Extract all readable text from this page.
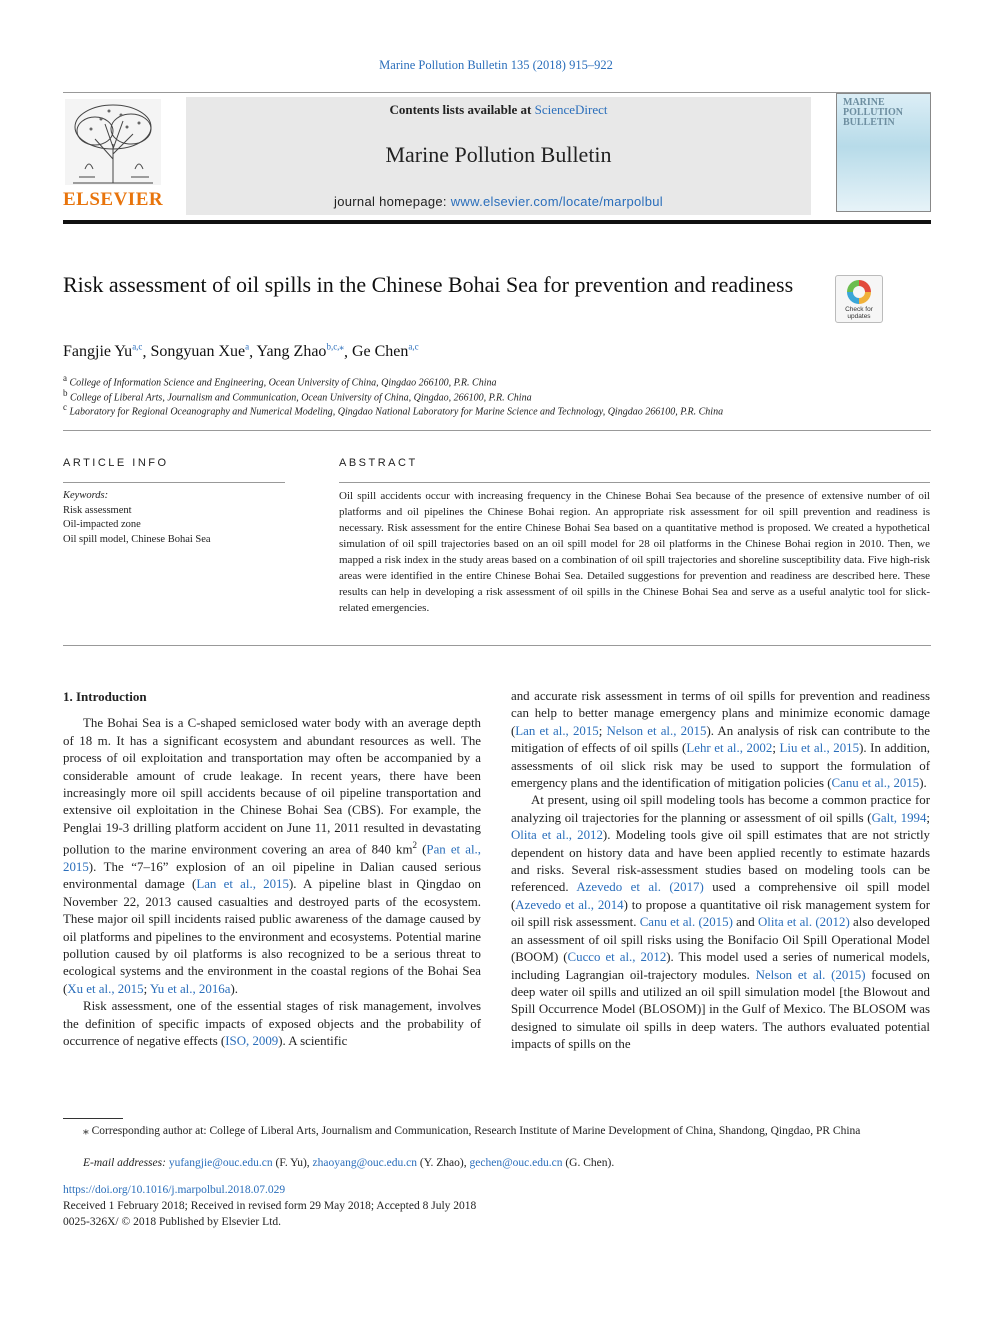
Marine Pollution Bulletin 135 (2018) 915–922
ELSEVIER
Contents lists available at ScienceDirect
Marine Pollution Bulletin
journal homepage: www.elsevier.com/locate/marpolbul
MARINE POLLUTION BULLETIN
Risk assessment of oil spills in the Chinese Bohai Sea for prevention and readiness
Check for updates
Fangjie Yu$^{a,c}$, Songyuan Xue$^a$, Yang Zhao$^{b,c,⁎}$, Ge Chen$^{a,c}$
$^a$ College of Information Science and Engineering, Ocean University of China, Qingdao 266100, P.R. China
$^b$ College of Liberal Arts, Journalism and Communication, Ocean University of China, Qingdao, 266100, P.R. China
$^c$ Laboratory for Regional Oceanography and Numerical Modeling, Qingdao National Laboratory for Marine Science and Technology, Qingdao 266100, P.R. China
ARTICLE INFO	ABSTRACT
Keywords:
Risk assessment
Oil-impacted zone
Oil spill model, Chinese Bohai Sea
Oil spill accidents occur with increasing frequency in the Chinese Bohai Sea because of the presence of extensive number of oil platforms and oil pipelines the Chinese Bohai region. An appropriate risk assessment for oil spill prevention and readiness is necessary. Risk assessment for the entire Chinese Bohai Sea based on a quantitative method is proposed. We created a hypothetical simulation of oil spill trajectories based on an oil spill model for 28 oil platforms in the Chinese Bohai region in 2010. Then, we mapped a risk index in the study areas based on a combination of oil spill trajectories and shoreline susceptibility data. Five high-risk areas were identified in the entire Chinese Bohai Sea. Detailed suggestions for prevention and readiness are described here. These results can help in developing a risk assessment of oil spills in the Chinese Bohai Sea and serve as a useful analytic tool for slick-related emergencies.
1. Introduction

The Bohai Sea is a C-shaped semiclosed water body with an average depth of 18 m. It has a significant ecosystem and abundant resources as well. The process of oil exploitation and transportation may often be accompanied by a considerable amount of crude leakage. In recent years, there have been increasingly more oil spill accidents because of oil pipeline transportation and extensive oil exploitation in the Chinese Bohai Sea (CBS). For example, the Penglai 19-3 drilling platform accident on June 11, 2011 resulted in devastating pollution to the marine environment covering an area of 840 $km^2$ (Pan et al., 2015). The “7–16” explosion of an oil pipeline in Dalian caused serious environmental damage (Lan et al., 2015). A pipeline blast in Qingdao on November 22, 2013 caused casualties and destroyed parts of the ecosystem. These major oil spill incidents raised public awareness of the damage caused by oil platforms and pipelines to the environment and ecosystems. Potential marine pollution caused by oil platforms is also recognized to be a serious threat to ecological systems and the environment in the coastal regions of the Bohai Sea (Xu et al., 2015; Yu et al., 2016a).

Risk assessment, one of the essential stages of risk management, involves the definition of specific impacts of exposed objects and the probability of occurrence of negative effects (ISO, 2009). A scientific

and accurate risk assessment in terms of oil spills for prevention and readiness can help to better manage emergency plans and minimize economic damage (Lan et al., 2015; Nelson et al., 2015). An analysis of risk can contribute to the mitigation of effects of oil spills (Lehr et al., 2002; Liu et al., 2015). In addition, assessments of oil slick risk may be used to support the formulation of emergency plans and the identification of mitigation policies (Canu et al., 2015).

At present, using oil spill modeling tools has become a common practice for analyzing oil trajectories for the planning or assessment of oil spills (Galt, 1994; Olita et al., 2012). Modeling tools give oil spill estimates that are not strictly dependent on history data and have been applied recently to estimate hazards and risks. Several risk-assessment studies based on modeling tools can be referenced. Azevedo et al. (2017) used a comprehensive oil spill model (Azevedo et al., 2014) to propose a quantitative oil risk management system for oil spill risk assessment. Canu et al. (2015) and Olita et al. (2012) also developed an assessment of oil spill risks using the Bonifacio Oil Spill Operational Model (BOOM) (Cucco et al., 2012). This model used a series of numerical models, including Lagrangian oil-trajectory modules. Nelson et al. (2015) focused on deep water oil spills and utilized an oil spill simulation model [the Blowout and Spill Occurrence Model (BLOSOM)] in the Gulf of Mexico. The BLOSOM was designed to simulate oil spills in deep waters. The authors evaluated potential impacts of spills on the

⁎ Corresponding author at: College of Liberal Arts, Journalism and Communication, Research Institute of Marine Development of China, Shandong, Qingdao, PR China
E-mail addresses: yufangjie@ouc.edu.cn (F. Yu), zhaoyang@ouc.edu.cn (Y. Zhao), gechen@ouc.edu.cn (G. Chen).
https://doi.org/10.1016/j.marpolbul.2018.07.029
Received 1 February 2018; Received in revised form 29 May 2018; Accepted 8 July 2018
0025-326X/ © 2018 Published by Elsevier Ltd.
